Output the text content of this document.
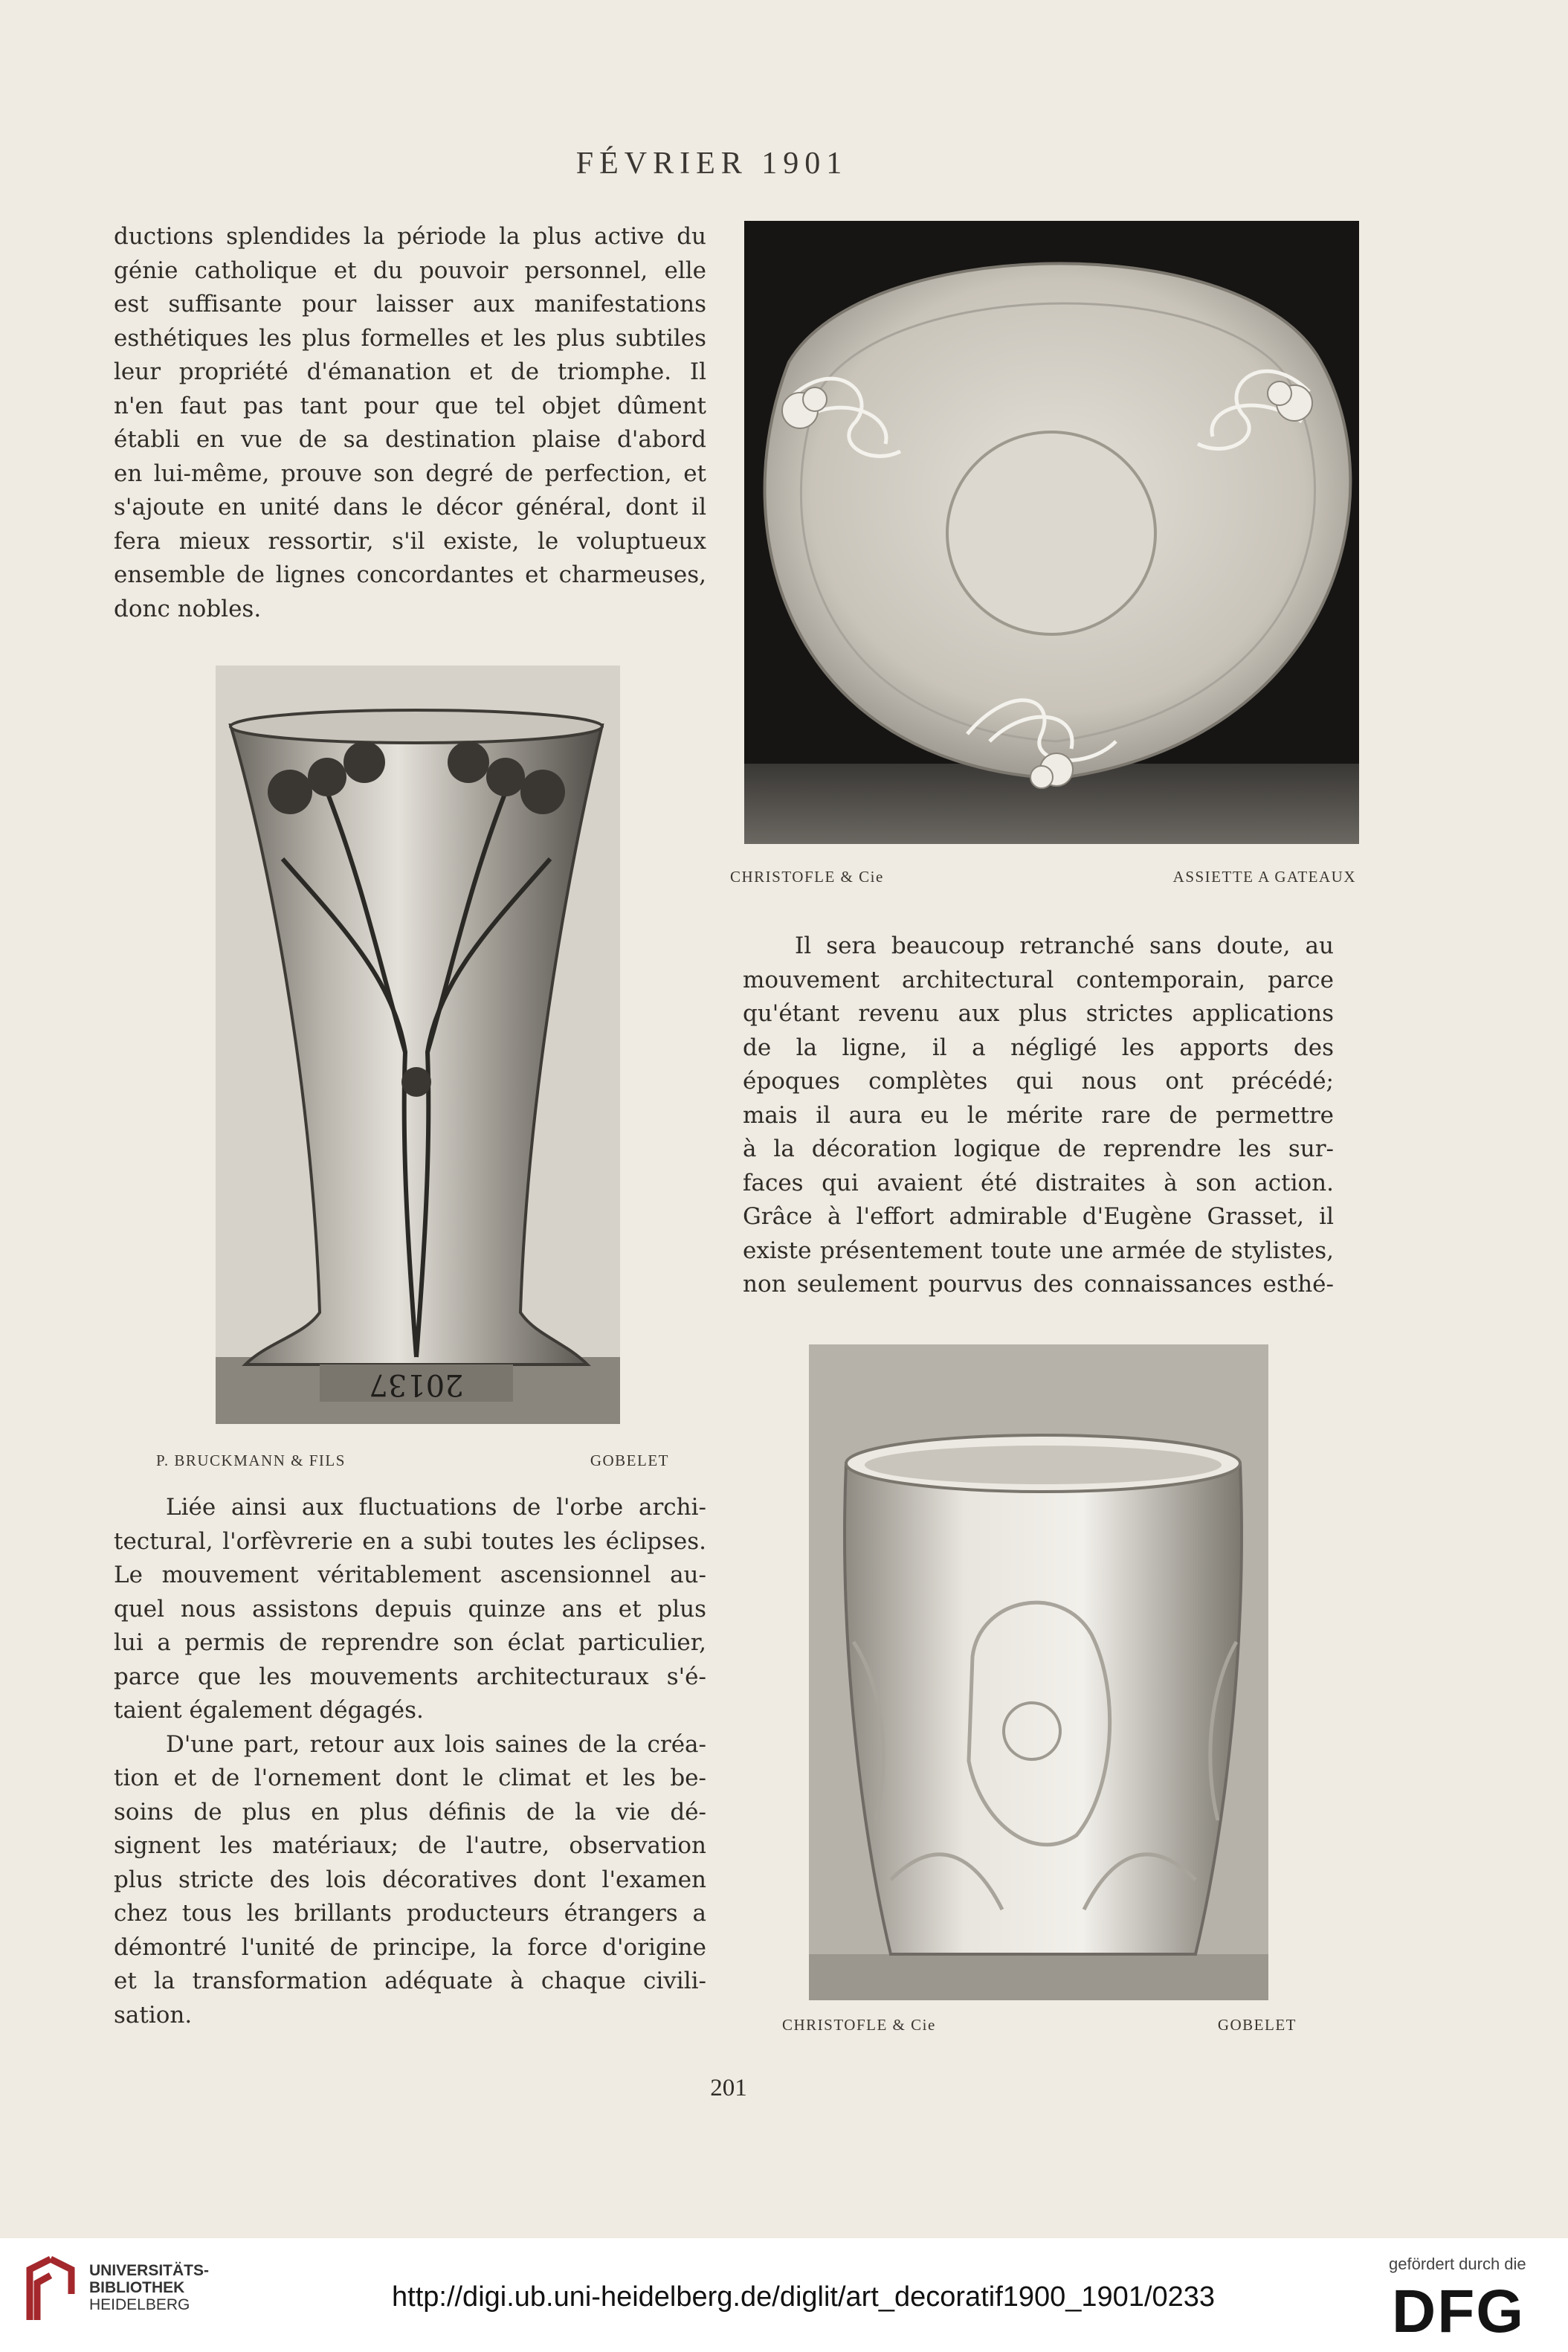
FÉVRIER 1901
ductions splendides la période la plus active du
génie catholique et du pouvoir personnel, elle
est suffisante pour laisser aux manifestations
esthétiques les plus formelles et les plus subtiles
leur propriété d'émanation et de triomphe. Il
n'en faut pas tant pour que tel objet dûment
établi en vue de sa destination plaise d'abord
en lui-même, prouve son degré de perfection, et
s'ajoute en unité dans le décor général, dont il
fera mieux ressortir, s'il existe, le voluptueux
ensemble de lignes concordantes et charmeuses,
donc nobles.
CHRISTOFLE & Cie	ASSIETTE A GATEAUX
20137
P. BRUCKMANN & FILS	GOBELET
Il sera beaucoup retranché sans doute, au
mouvement architectural contemporain, parce
qu'étant revenu aux plus strictes applications
de la ligne, il a négligé les apports des
époques complètes qui nous ont précédé;
mais il aura eu le mérite rare de permettre
à la décoration logique de reprendre les sur-
faces qui avaient été distraites à son action.
Grâce à l'effort admirable d'Eugène Grasset, il
existe présentement toute une armée de stylistes,
non seulement pourvus des connaissances esthé-
CHRISTOFLE & Cie	GOBELET
Liée ainsi aux fluctuations de l'orbe archi-
tectural, l'orfèvrerie en a subi toutes les éclipses.
Le mouvement véritablement ascensionnel au-
quel nous assistons depuis quinze ans et plus
lui a permis de reprendre son éclat particulier,
parce que les mouvements architecturaux s'é-
taient également dégagés.
D'une part, retour aux lois saines de la créa-
tion et de l'ornement dont le climat et les be-
soins de plus en plus définis de la vie dé-
signent les matériaux; de l'autre, observation
plus stricte des lois décoratives dont l'examen
chez tous les brillants producteurs étrangers a
démontré l'unité de principe, la force d'origine
et la transformation adéquate à chaque civili-
sation.
201
UNIVERSITÄTS-
BIBLIOTHEK
HEIDELBERG	http://digi.ub.uni-heidelberg.de/diglit/art_decoratif1900_1901/0233
gefördert durch die
DFG
